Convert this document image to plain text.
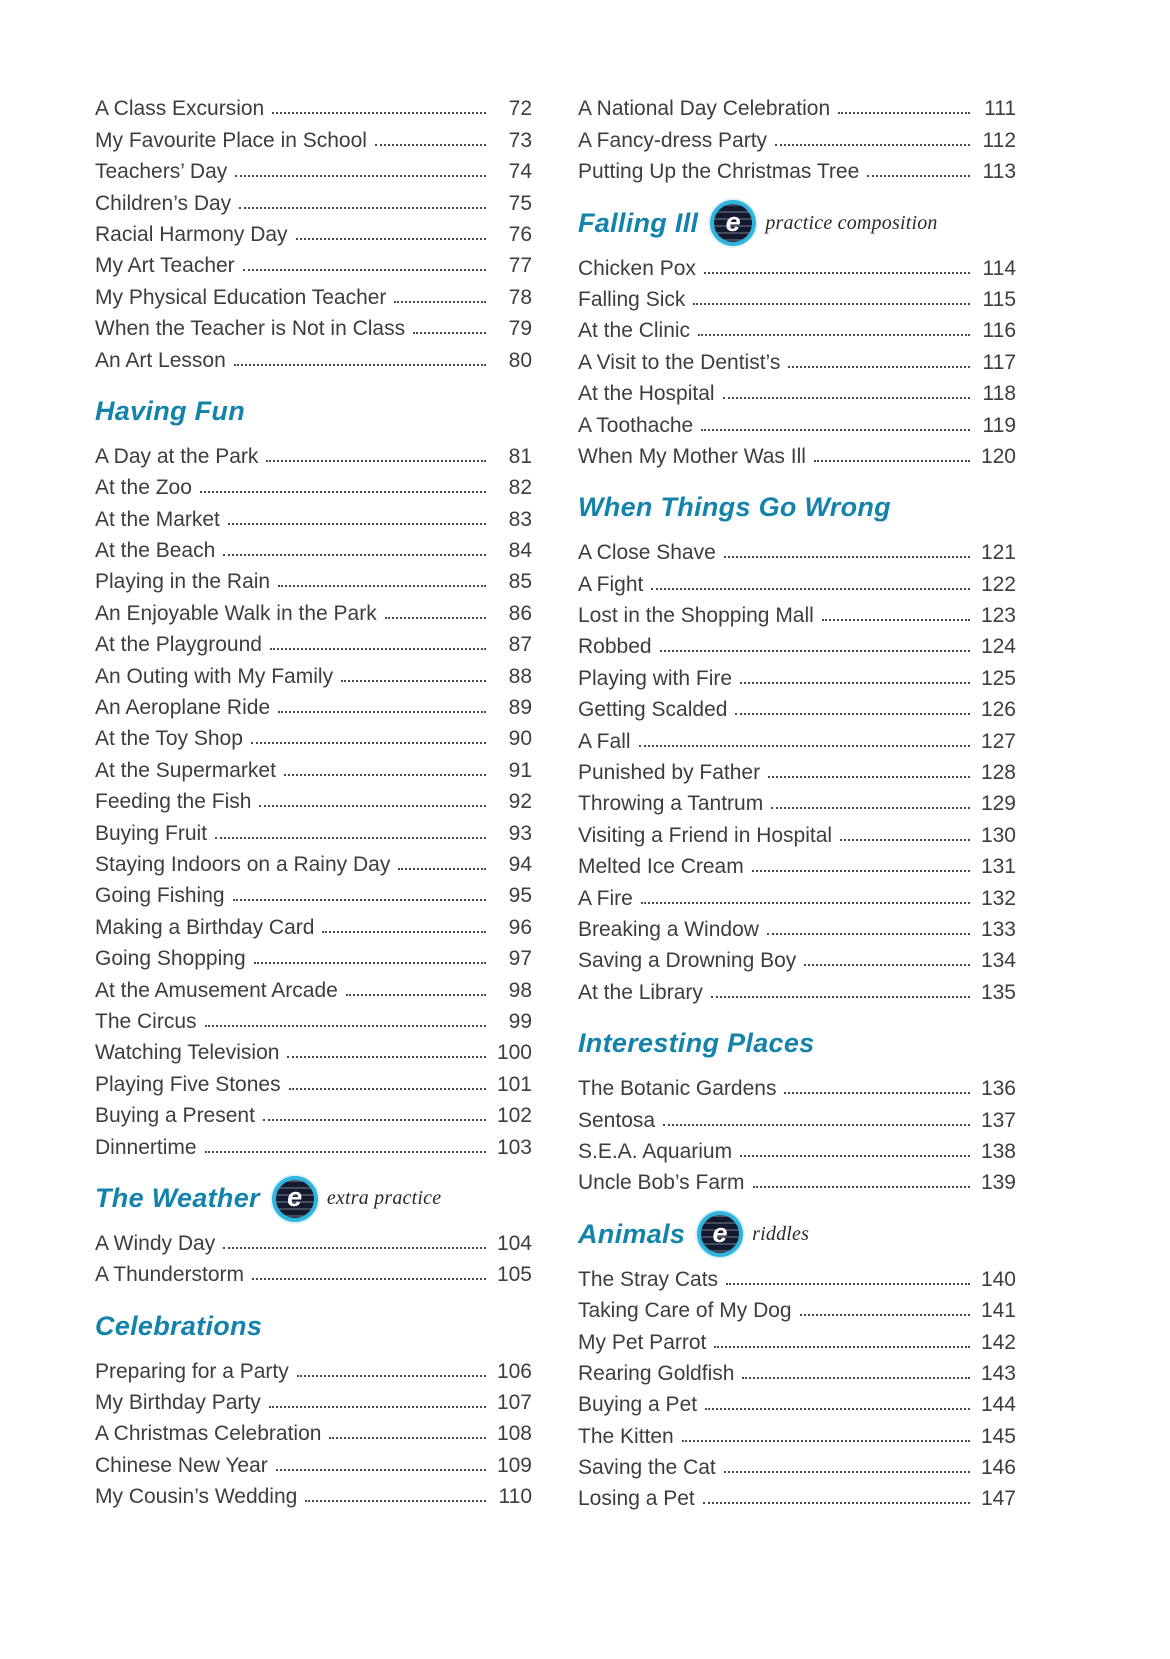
A Class Excursion	72
My Favourite Place in School	73
Teachers’ Day	74
Children’s Day	75
Racial Harmony Day	76
My Art Teacher	77
My Physical Education Teacher	78
When the Teacher is Not in Class	79
An Art Lesson	80
Having Fun
A Day at the Park	81
At the Zoo	82
At the Market	83
At the Beach	84
Playing in the Rain	85
An Enjoyable Walk in the Park	86
At the Playground	87
An Outing with My Family	88
An Aeroplane Ride	89
At the Toy Shop	90
At the Supermarket	91
Feeding the Fish	92
Buying Fruit	93
Staying Indoors on a Rainy Day	94
Going Fishing	95
Making a Birthday Card	96
Going Shopping	97
At the Amusement Arcade	98
The Circus	99
Watching Television	100
Playing Five Stones	101
Buying a Present	102
Dinnertime	103
The Weather e extra practice
A Windy Day	104
A Thunderstorm	105
Celebrations
Preparing for a Party	106
My Birthday Party	107
A Christmas Celebration	108
Chinese New Year	109
My Cousin’s Wedding	110
A National Day Celebration	111
A Fancy-dress Party	112
Putting Up the Christmas Tree	113
Falling Ill e practice composition
Chicken Pox	114
Falling Sick	115
At the Clinic	116
A Visit to the Dentist’s	117
At the Hospital	118
A Toothache	119
When My Mother Was Ill	120
When Things Go Wrong
A Close Shave	121
A Fight	122
Lost in the Shopping Mall	123
Robbed	124
Playing with Fire	125
Getting Scalded	126
A Fall	127
Punished by Father	128
Throwing a Tantrum	129
Visiting a Friend in Hospital	130
Melted Ice Cream	131
A Fire	132
Breaking a Window	133
Saving a Drowning Boy	134
At the Library	135
Interesting Places
The Botanic Gardens	136
Sentosa	137
S.E.A. Aquarium	138
Uncle Bob’s Farm	139
Animals e riddles
The Stray Cats	140
Taking Care of My Dog	141
My Pet Parrot	142
Rearing Goldfish	143
Buying a Pet	144
The Kitten	145
Saving the Cat	146
Losing a Pet	147
